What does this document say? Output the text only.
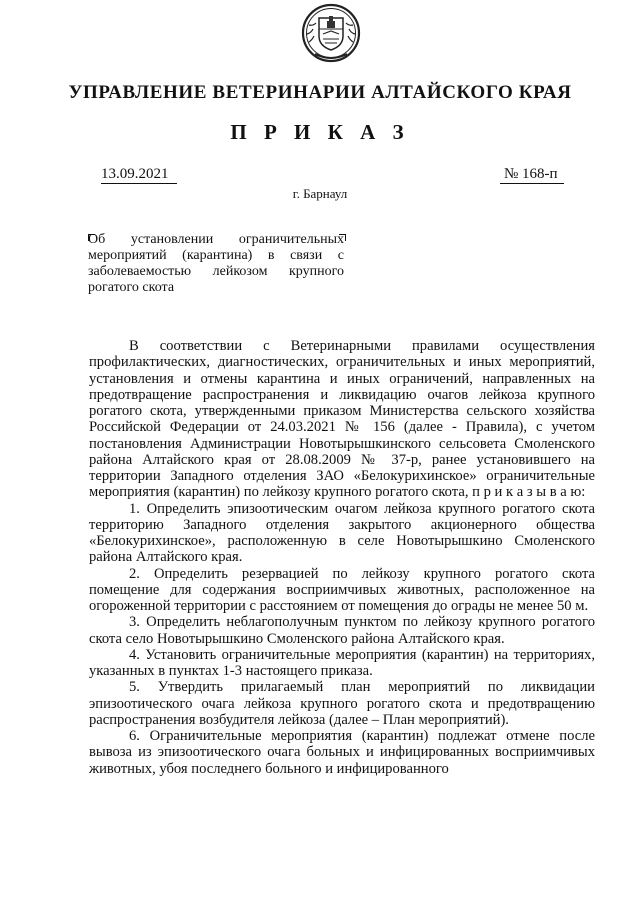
УПРАВЛЕНИЕ ВЕТЕРИНАРИИ АЛТАЙСКОГО КРАЯ
П Р И К А З
13.09.2021	№ 168-п
г. Барнаул
Об установлении ограничительных мероприятий (карантина) в связи с заболеваемостью лейкозом крупного рогатого скота

В соответствии с Ветеринарными правилами осуществления профилактических, диагностических, ограничительных и иных мероприятий, установления и отмены карантина и иных ограничений, направленных на предотвращение распространения и ликвидацию очагов лейкоза крупного рогатого скота, утвержденными приказом Министерства сельского хозяйства Российской Федерации от 24.03.2021 № 156 (далее - Правила), с учетом постановления Администрации Новотырышкинского сельсовета Смоленского района Алтайского края от 28.08.2009 № 37-р, ранее установившего на территории Западного отделения ЗАО «Белокурихинское» ограничительные мероприятия (карантин) по лейкозу крупного рогатого скота, п р и к а з ы в а ю:

1. Определить эпизоотическим очагом лейкоза крупного рогатого скота территорию Западного отделения закрытого акционерного общества «Белокурихинское», расположенную в селе Новотырышкино Смоленского района Алтайского края.

2. Определить резервацией по лейкозу крупного рогатого скота помещение для содержания восприимчивых животных, расположенное на огороженной территории с расстоянием от помещения до ограды не менее 50 м.

3. Определить неблагополучным пунктом по лейкозу крупного рогатого скота село Новотырышкино Смоленского района Алтайского края.

4. Установить ограничительные мероприятия (карантин) на территориях, указанных в пунктах 1-3 настоящего приказа.

5. Утвердить прилагаемый план мероприятий по ликвидации эпизоотического очага лейкоза крупного рогатого скота и предотвращению распространения возбудителя лейкоза (далее – План мероприятий).

6. Ограничительные мероприятия (карантин) подлежат отмене после вывоза из эпизоотического очага больных и инфицированных восприимчивых животных, убоя последнего больного и инфицированного
